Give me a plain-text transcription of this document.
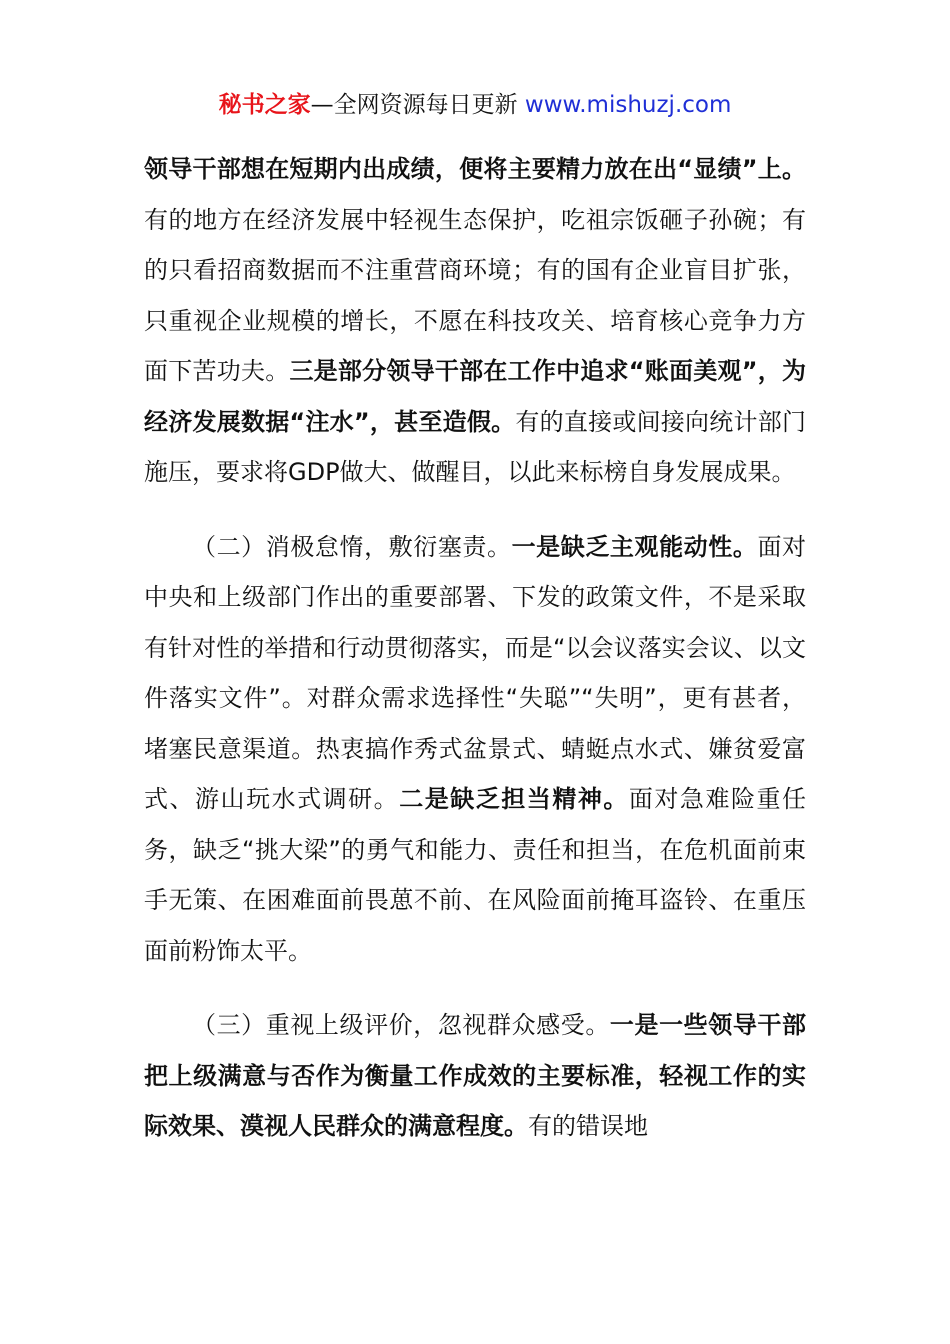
秘书之家—全网资源每日更新 www.mishuzj.com

领导干部想在短期内出成绩，便将主要精力放在出“显绩”上。有的地方在经济发展中轻视生态保护，吃祖宗饭砸子孙碗；有的只看招商数据而不注重营商环境；有的国有企业盲目扩张，只重视企业规模的增长，不愿在科技攻关、培育核心竞争力方面下苦功夫。三是部分领导干部在工作中追求“账面美观”，为经济发展数据“注水”，甚至造假。有的直接或间接向统计部门施压，要求将GDP做大、做醒目，以此来标榜自身发展成果。

（二）消极怠惰，敷衍塞责。一是缺乏主观能动性。面对中央和上级部门作出的重要部署、下发的政策文件，不是采取有针对性的举措和行动贯彻落实，而是“以会议落实会议、以文件落实文件”。对群众需求选择性“失聪”“失明”，更有甚者，堵塞民意渠道。热衷搞作秀式盆景式、蜻蜓点水式、嫌贫爱富式、游山玩水式调研。二是缺乏担当精神。面对急难险重任务，缺乏“挑大梁”的勇气和能力、责任和担当，在危机面前束手无策、在困难面前畏葸不前、在风险面前掩耳盗铃、在重压面前粉饰太平。

（三）重视上级评价，忽视群众感受。一是一些领导干部把上级满意与否作为衡量工作成效的主要标准，轻视工作的实际效果、漠视人民群众的满意程度。有的错误地
